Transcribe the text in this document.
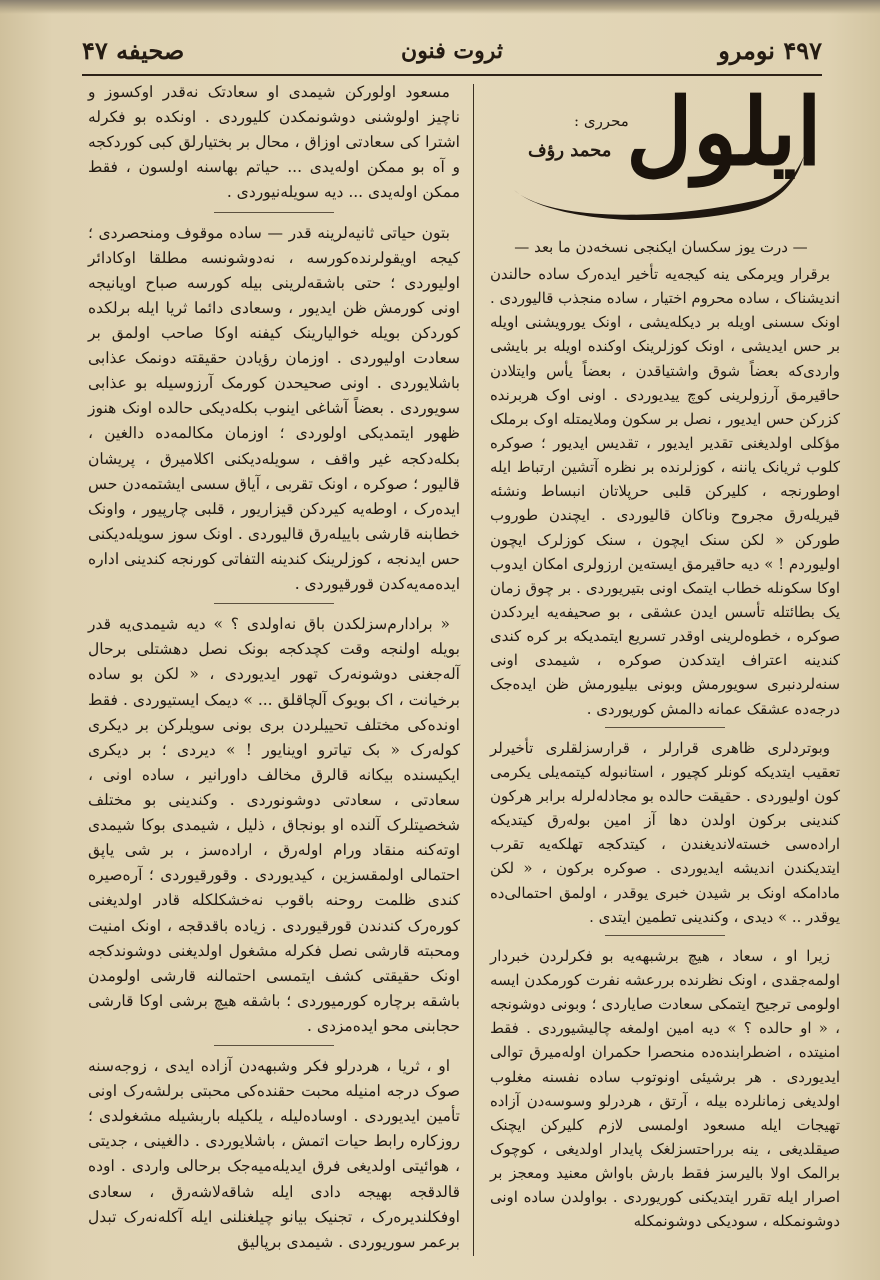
۴۹۷ نومرو
ثروت فنون
صحیفه ۴۷
ایلول
محرری :
محمد رؤف
— درت یوز سکسان ایکنجی نسخه‌دن ما بعد —

مسعود اولورکن شیمدی او سعادتک نه‌قدر اوکسوز و ناچیز اولوشنی دوشونمکدن کلیوردی . اونکده بو فکرله اشترا کی سعادتی اوزاق ، محال بر بختیارلق کبی کوردکجه و آه بو ممکن اوله‌یدی ... حیاتم بهاسنه اولسون ، فقط ممکن اوله‌یدی ... دیه سویله‌نیوردی .

بتون حیاتی ثانیه‌لرینه قدر — ساده موقوف ومنحصردی ؛ کیجه اویقولرنده‌کورسه ، نه‌دوشونسه مطلقا اوکادائر اولیوردی ؛ حتی باشقه‌لرینی بیله کورسه صباح اویانیجه اونی کورمش ظن ایدیور ، وسعادی دائما ثریا ایله برلکده کوردکن بویله خوالیارینک کیفنه اوکا صاحب اولمق بر سعادت اولیوردی . اوزمان رؤیادن حقیقته دونمک عذابی باشلایوردی . اونی صحیحدن کورمک آرزوسیله بو عذابی سویوردی . بعضاً آشاغی اینوب بکله‌دیکی حالده اونک هنوز ظهور ایتمدیکی اولوردی ؛ اوزمان مکالمه‌ده دالغین ، بکله‌دکجه غیر واقف ، سویله‌دیکنی اکلامیرق ، پریشان قالیور ؛ صوکره ، اونک تقربی ، آیاق سسی ایشتمه‌دن حس ایده‌رک ، اوطه‌یه کیردکن قیزاریور ، قلبی چارپیور ، واونک خطابنه قارشی باییله‌رق قالیوردی . اونک سوز سویله‌دیکنی حس ایدنجه ، کوزلرینک کندینه التفاتی کورنجه کندینی اداره ایده‌مه‌یه‌کدن قورقیوردی .

« برادارم‌سزلکدن باق نه‌اولدی ؟ » دیه شیمدی‌یه قدر بویله اولنجه وقت کچدکجه بونک نصل دهشتلی برحال آله‌جغنی دوشونه‌رک تهور ایدیوردی ، « لکن بو ساده برخیانت ، اک بویوک آلچاقلق ... » دیمک ایستیوردی . فقط اونده‌کی مختلف تحییلردن بری بونی سویلرکن بر دیکری کوله‌رک « بک تیاترو اوینایور ! » دیردی ؛ بر دیکری ایکیسنده بیکانه قالرق مخالف داورانیر ، ساده اونی ، سعادتی ، سعادتی دوشونوردی . وکندینی بو مختلف شخصیتلرک آلنده او بونجاق ، ذلیل ، شیمدی بوکا شیمدی اوته‌کنه منقاد ورام اوله‌رق ، اراده‌سز ، بر شی یاپق احتمالی اولمقسزین ، کیدیوردی . وقورقیوردی ؛ آره‌صیره کندی ظلمت روحنه باقوب نه‌خشکلکله قادر اولدیغنی کوره‌رک کندندن قورقیوردی . زیاده باقدقجه ، اونک امنیت ومحبته قارشی نصل فکرله مشغول اولدیغنی دوشوندکجه اونک حقیقتی کشف ایتمسی احتمالنه قارشی اولومدن باشقه برچاره کورمیوردی ؛ باشقه هیچ برشی اوکا قارشی حجابنی محو ایده‌مزدی .

او ، ثریا ، هردرلو فکر وشبهه‌دن آزاده ایدی ، زوجه‌سنه صوک درجه امنیله محبت حقنده‌کی محبتی برلشه‌رک اونی تأمین ایدیوردی . اوساده‌لیله ، یلکیله باربشیله مشغولدی ؛ روزکاره رابط حیات اتمش ، باشلایوردی . دالغینی ، جدیتی ، هوائیتی اولدیغی فرق ایدیله‌میه‌جک برحالی واردی . اوده قالدقجه بهیجه دادی ایله شاقه‌لاشه‌رق ، سعادی اوفکلندیره‌رک ، تجنیک بیانو چیلغنلنی ایله آکله‌نه‌رک تبدل برعمر سوریوردی . شیمدی برپالیق

برقرار ویرمکی ینه کیجه‌یه تأخیر ایده‌رک ساده حالندن اندیشناک ، ساده محروم اختیار ، ساده منجذب قالیوردی . اونک سسنی اویله بر دیکله‌یشی ، اونک یورویشنی اویله بر حس ایدیشی ، اونک کوزلرینک اوکنده اویله بر بایشی واردی‌که بعضاً شوق واشتیاقدن ، بعضاً یأس وایتلادن حاقیرمق آرزولرینی کوچ ییدیوردی . اونی اوک هربرنده کزرکن حس ایدیور ، نصل بر سکون وملایمتله اوک برملک مؤکلی اولدیغنی تقدیر ایدیور ، تقدیس ایدیور ؛ صوکره کلوب ثریانک یاننه ، کوزلرنده بر نظره آتشین ارتباط ایله اوطورنجه ، کلیرکن قلبی حرپلاتان انبساط ونشئه قیریله‌رق مجروح وناکان قالیوردی . ایچندن طوروب طورکن « لکن سنک ایچون ، سنک کوزلرک ایچون اولیوردم ! » دیه حاقیرمق ایسته‌ین ارزولری امکان ایدوب اوکا سکونله خطاب ایتمک اونی بتیریوردی . بر چوق زمان یک بطائتله تأسس ایدن عشقی ، بو صحیفه‌یه ایردکدن صوکره ، خطوه‌لرینی اوقدر تسریع ایتمدیکه بر کره کندی کندینه اعتراف ایتدکدن صوکره ، شیمدی اونی سنه‌لردنبری سویورمش وبونی بیلیورمش ظن ایده‌جک درجه‌ده عشقک عمانه دالمش کوریوردی .

وبوتردلری ظاهری قرارلر ، قرارسزلقلری تأخیرلر تعقیب ایتدیکه کونلر کچیور ، استانبوله کیتمه‌یلی یکرمی کون اولیوردی . حقیقت حالده بو مجادله‌لرله برابر هرکون کندینی برکون اولدن دها آز امین بوله‌رق کیتدیکه اراده‌سی خسته‌لاندیغندن ، کیتدکجه تهلکه‌یه تقرب ایتدیکندن اندیشه ایدیوردی . صوکره برکون ، « لکن مادامکه اونک بر شیدن خبری یوقدر ، اولمق احتمالی‌ده یوقدر .. » دیدی ، وکندینی تطمین ایتدی .

زیرا او ، سعاد ، هیچ برشبهه‌یه بو فکرلردن خبردار اولمه‌جقدی ، اونک نظرنده بررعشه نفرت کورمکدن ایسه اولومی ترجیح ایتمکی سعادت صایاردی ؛ وبونی دوشونجه ، « او حالده ؟ » دیه امین اولمغه چالیشیوردی . فقط امنیتده ، اضطرابنده‌ده منحصرا حکمران اوله‌میرق توالی ایدیوردی . هر برشیئی اونوتوب ساده نفسنه مغلوب اولدیغی زمانلرده بیله ، آرتق ، هردرلو وسوسه‌دن آزاده تهیجات ایله مسعود اولمسی لازم کلیرکن ایچنک صیقلدیغی ، ینه برراحتسزلغک پایدار اولدیغی ، کوچوک برالمک اولا بالیرسز فقط بارش باواش معنید ومعجز بر اصرار ایله تقرر ایتدیکنی کوریوردی . بواولدن ساده اونی دوشونمکله ، سودیکی دوشونمکله
